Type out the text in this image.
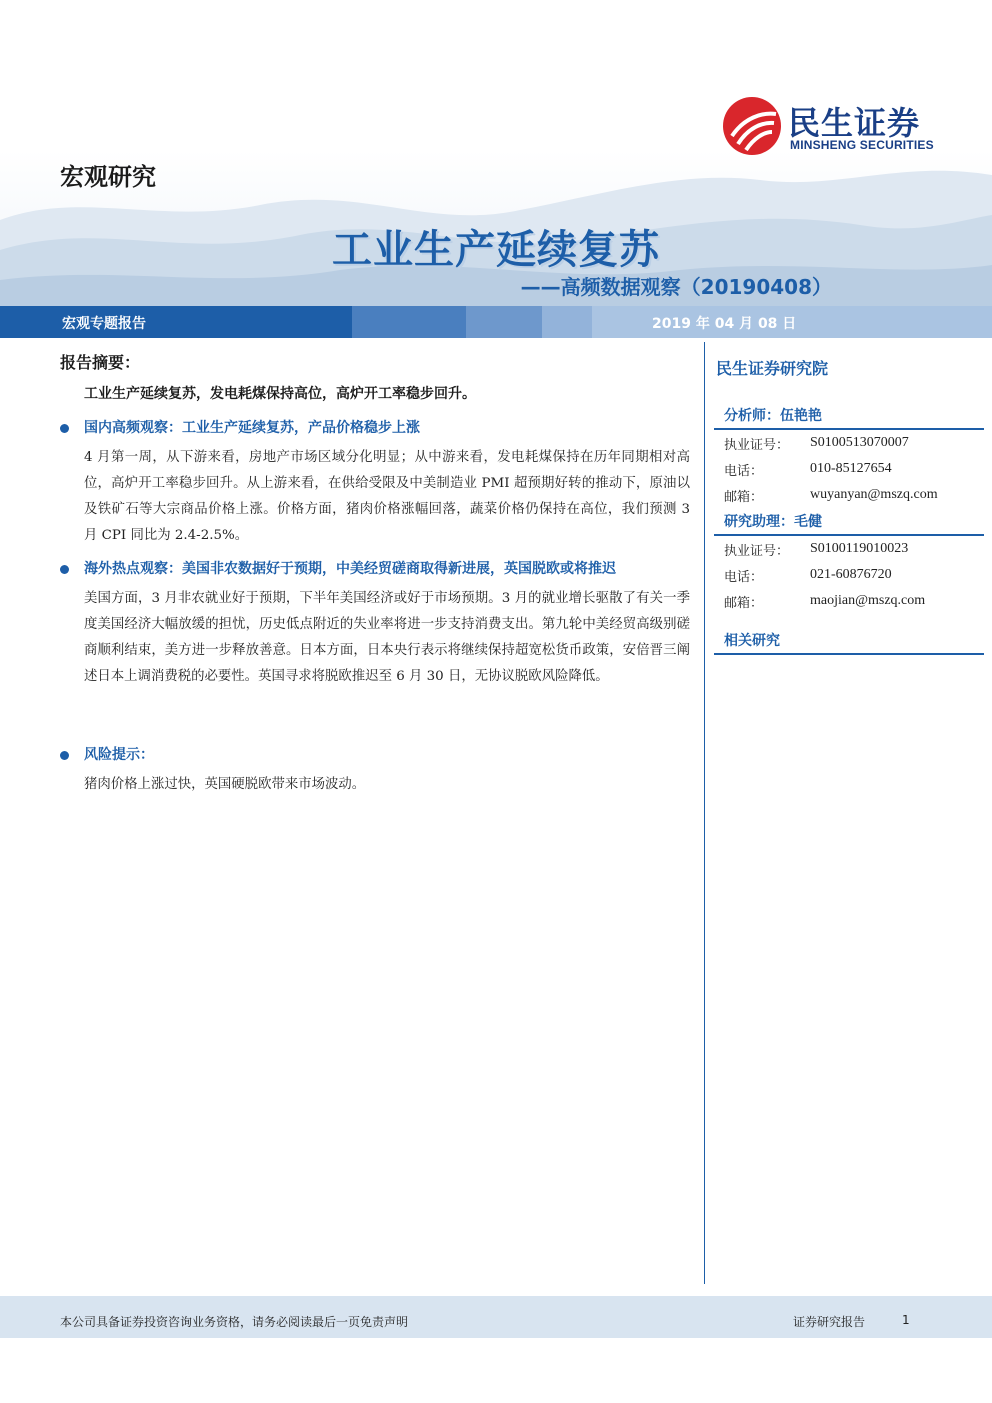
民生证券
MINSHENG SECURITIES
宏观研究
工业生产延续复苏
——高频数据观察（20190408）
宏观专题报告	2019 年 04 月 08 日
报告摘要：
工业生产延续复苏，发电耗煤保持高位，高炉开工率稳步回升。
国内高频观察：工业生产延续复苏，产品价格稳步上涨
4 月第一周，从下游来看，房地产市场区域分化明显；从中游来看，发电耗煤保持在历年同期相对高位，高炉开工率稳步回升。从上游来看，在供给受限及中美制造业 PMI 超预期好转的推动下，原油以及铁矿石等大宗商品价格上涨。价格方面，猪肉价格涨幅回落，蔬菜价格仍保持在高位，我们预测 3 月 CPI 同比为 2.4-2.5%。
海外热点观察：美国非农数据好于预期，中美经贸磋商取得新进展，英国脱欧或将推迟
美国方面，3 月非农就业好于预期，下半年美国经济或好于市场预期。3 月的就业增长驱散了有关一季度美国经济大幅放缓的担忧，历史低点附近的失业率将进一步支持消费支出。第九轮中美经贸高级别磋商顺利结束，美方进一步释放善意。日本方面，日本央行表示将继续保持超宽松货币政策，安倍晋三阐述日本上调消费税的必要性。英国寻求将脱欧推迟至 6 月 30 日，无协议脱欧风险降低。
风险提示：
猪肉价格上涨过快，英国硬脱欧带来市场波动。
民生证券研究院
分析师：伍艳艳
执业证号：	S0100513070007
电话：	010-85127654
邮箱：	wuyanyan@mszq.com
研究助理：毛健
执业证号：	S0100119010023
电话：	021-60876720
邮箱：	maojian@mszq.com
相关研究
本公司具备证券投资咨询业务资格，请务必阅读最后一页免责声明	证券研究报告	1
